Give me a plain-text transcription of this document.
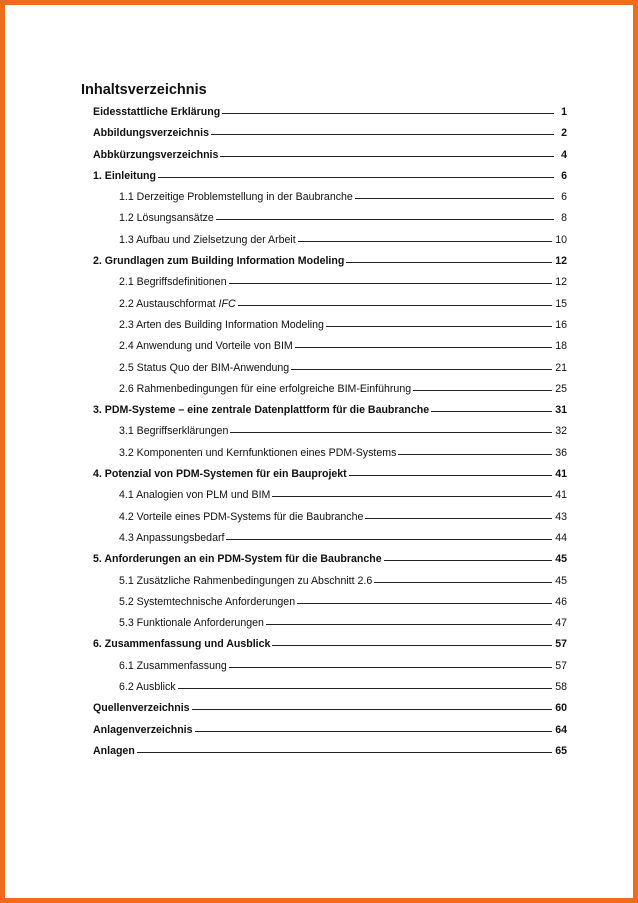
Inhaltsverzeichnis
Eidesstattliche Erklärung	1
Abbildungsverzeichnis	2
Abbkürzungsverzeichnis	4
1. Einleitung	6
1.1 Derzeitige Problemstellung in der Baubranche	6
1.2 Lösungsansätze	8
1.3 Aufbau und Zielsetzung der Arbeit	10
2. Grundlagen zum Building Information Modeling	12
2.1 Begriffsdefinitionen	12
2.2 Austauschformat IFC	15
2.3 Arten des Building Information Modeling	16
2.4 Anwendung und Vorteile von BIM	18
2.5 Status Quo der BIM-Anwendung	21
2.6 Rahmenbedingungen für eine erfolgreiche BIM-Einführung	25
3. PDM-Systeme – eine zentrale Datenplattform für die Baubranche	31
3.1 Begriffserklärungen	32
3.2 Komponenten und Kernfunktionen eines PDM-Systems	36
4. Potenzial von PDM-Systemen für ein Bauprojekt	41
4.1 Analogien von PLM und BIM	41
4.2 Vorteile eines PDM-Systems für die Baubranche	43
4.3 Anpassungsbedarf	44
5. Anforderungen an ein PDM-System für die Baubranche	45
5.1 Zusätzliche Rahmenbedingungen zu Abschnitt 2.6	45
5.2 Systemtechnische Anforderungen	46
5.3 Funktionale Anforderungen	47
6. Zusammenfassung und Ausblick	57
6.1 Zusammenfassung	57
6.2 Ausblick	58
Quellenverzeichnis	60
Anlagenverzeichnis	64
Anlagen	65
